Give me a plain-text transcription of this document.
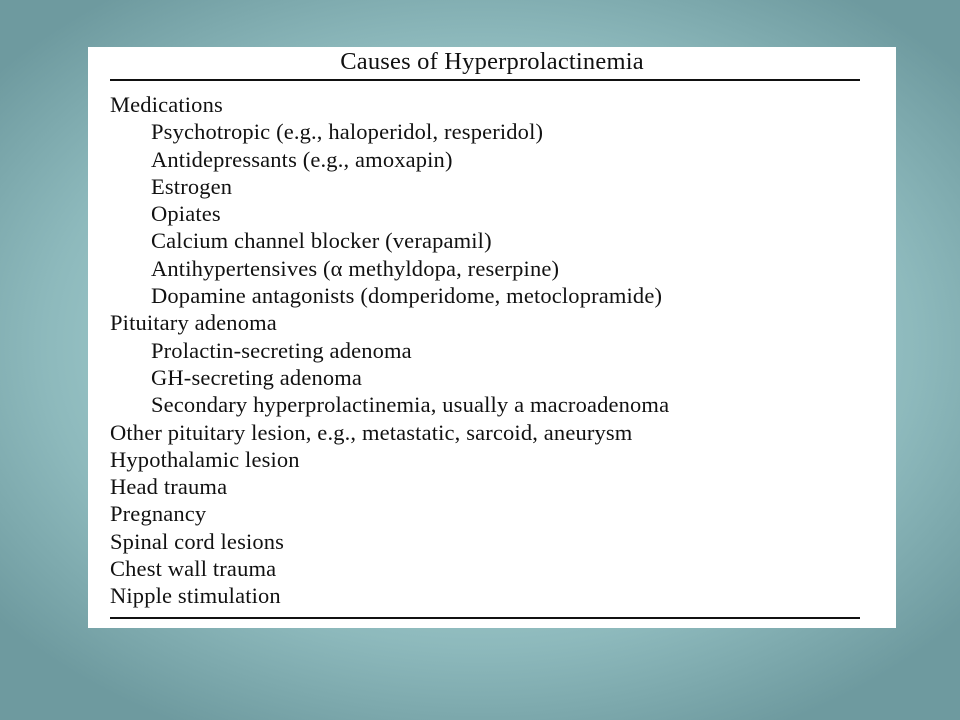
Causes of Hyperprolactinemia
Medications
Psychotropic (e.g., haloperidol, resperidol)
Antidepressants (e.g., amoxapin)
Estrogen
Opiates
Calcium channel blocker (verapamil)
Antihypertensives (α methyldopa, reserpine)
Dopamine antagonists (domperidome, metoclopramide)
Pituitary adenoma
Prolactin-secreting adenoma
GH-secreting adenoma
Secondary hyperprolactinemia, usually a macroadenoma
Other pituitary lesion, e.g., metastatic, sarcoid, aneurysm
Hypothalamic lesion
Head trauma
Pregnancy
Spinal cord lesions
Chest wall trauma
Nipple stimulation
